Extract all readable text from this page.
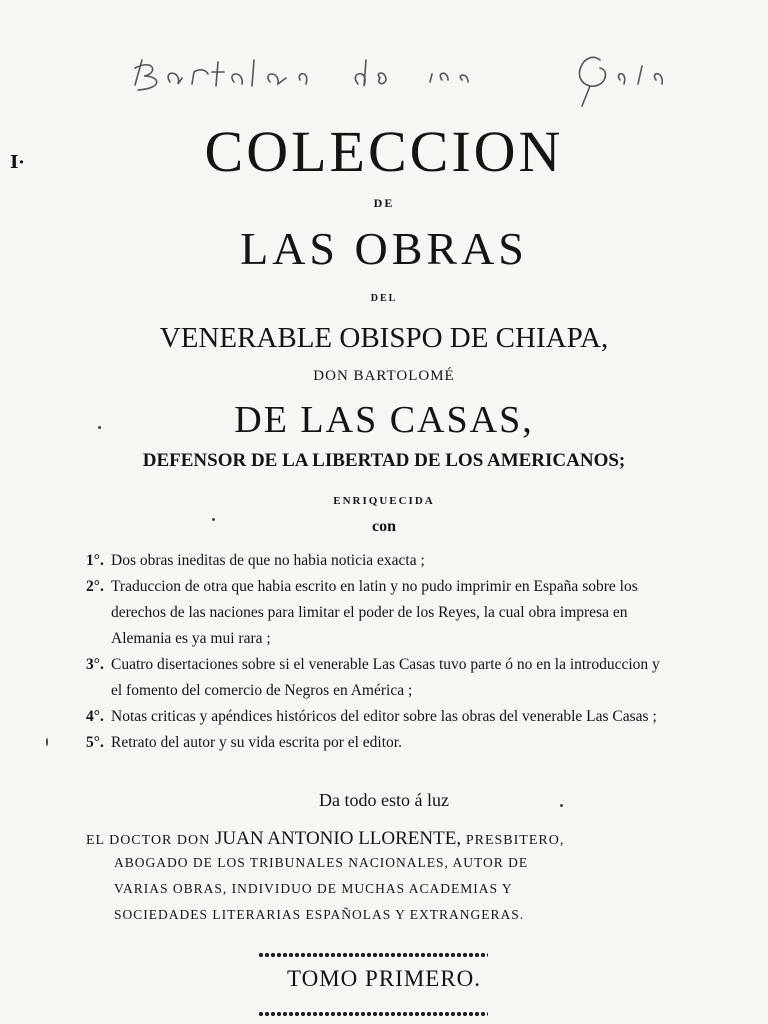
I·	COLECCION
DE
LAS OBRAS
DEL
VENERABLE OBISPO DE CHIAPA,
DON BARTOLOMÉ
DE LAS CASAS,
DEFENSOR DE LA LIBERTAD DE LOS AMERICANOS;
ENRIQUECIDA
con
1°. Dos obras ineditas de que no habia noticia exacta ;
2°. Traduccion de otra que habia escrito en latin y no pudo imprimir en España sobre los derechos de las naciones para limitar el poder de los Reyes, la cual obra impresa en Alemania es ya mui rara ;
3°. Cuatro disertaciones sobre si el venerable Las Casas tuvo parte ó no en la introduccion y el fomento del comercio de Negros en América ;
4°. Notas criticas y apéndices históricos del editor sobre las obras del venerable Las Casas ;
5°. Retrato del autor y su vida escrita por el editor.
Da todo esto á luz
EL DOCTOR DON JUAN ANTONIO LLORENTE, PRESBITERO,
ABOGADO DE LOS TRIBUNALES NACIONALES, AUTOR DE
VARIAS OBRAS, INDIVIDUO DE MUCHAS ACADEMIAS Y
SOCIEDADES LITERARIAS ESPAÑOLAS Y EXTRANGERAS.
TOMO PRIMERO.
